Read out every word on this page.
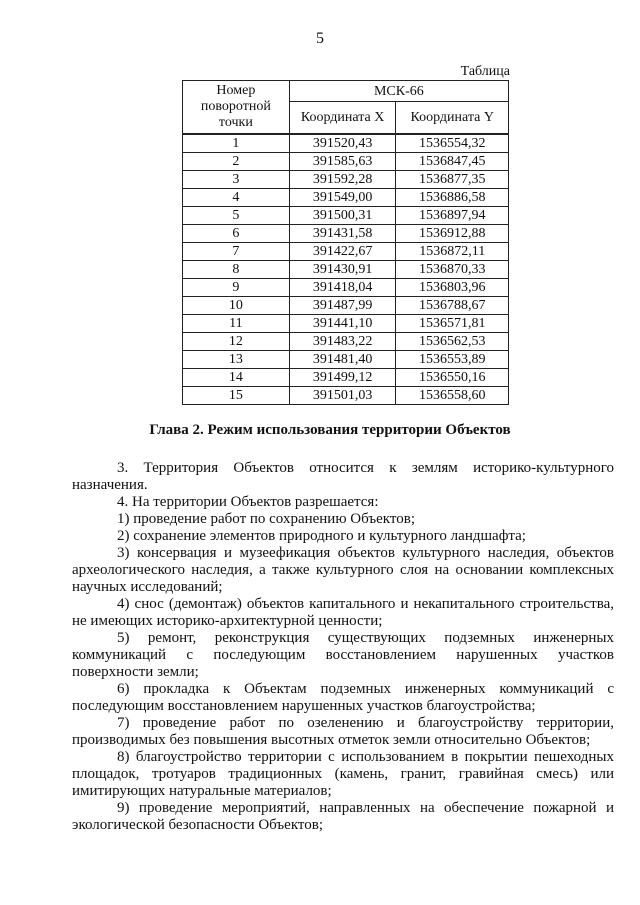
5
Таблица
Номер поворотной точки	МСК-66	
	Координата X	Координата Y
1	391520,43	1536554,32
2	391585,63	1536847,45
3	391592,28	1536877,35
4	391549,00	1536886,58
5	391500,31	1536897,94
6	391431,58	1536912,88
7	391422,67	1536872,11
8	391430,91	1536870,33
9	391418,04	1536803,96
10	391487,99	1536788,67
11	391441,10	1536571,81
12	391483,22	1536562,53
13	391481,40	1536553,89
14	391499,12	1536550,16
15	391501,03	1536558,60
Глава 2. Режим использования территории Объектов

3. Территория Объектов относится к землям историко-культурного назначения.

4. На территории Объектов разрешается:

1) проведение работ по сохранению Объектов;

2) сохранение элементов природного и культурного ландшафта;

3) консервация и музеефикация объектов культурного наследия, объектов археологического наследия, а также культурного слоя на основании комплексных научных исследований;

4) снос (демонтаж) объектов капитального и некапитального строительства, не имеющих историко-архитектурной ценности;

5) ремонт, реконструкция существующих подземных инженерных коммуникаций с последующим восстановлением нарушенных участков поверхности земли;

6) прокладка к Объектам подземных инженерных коммуникаций с последующим восстановлением нарушенных участков благоустройства;

7) проведение работ по озеленению и благоустройству территории, производимых без повышения высотных отметок земли относительно Объектов;

8) благоустройство территории с использованием в покрытии пешеходных площадок, тротуаров традиционных (камень, гранит, гравийная смесь) или имитирующих натуральные материалов;

9) проведение мероприятий, направленных на обеспечение пожарной и экологической безопасности Объектов;
